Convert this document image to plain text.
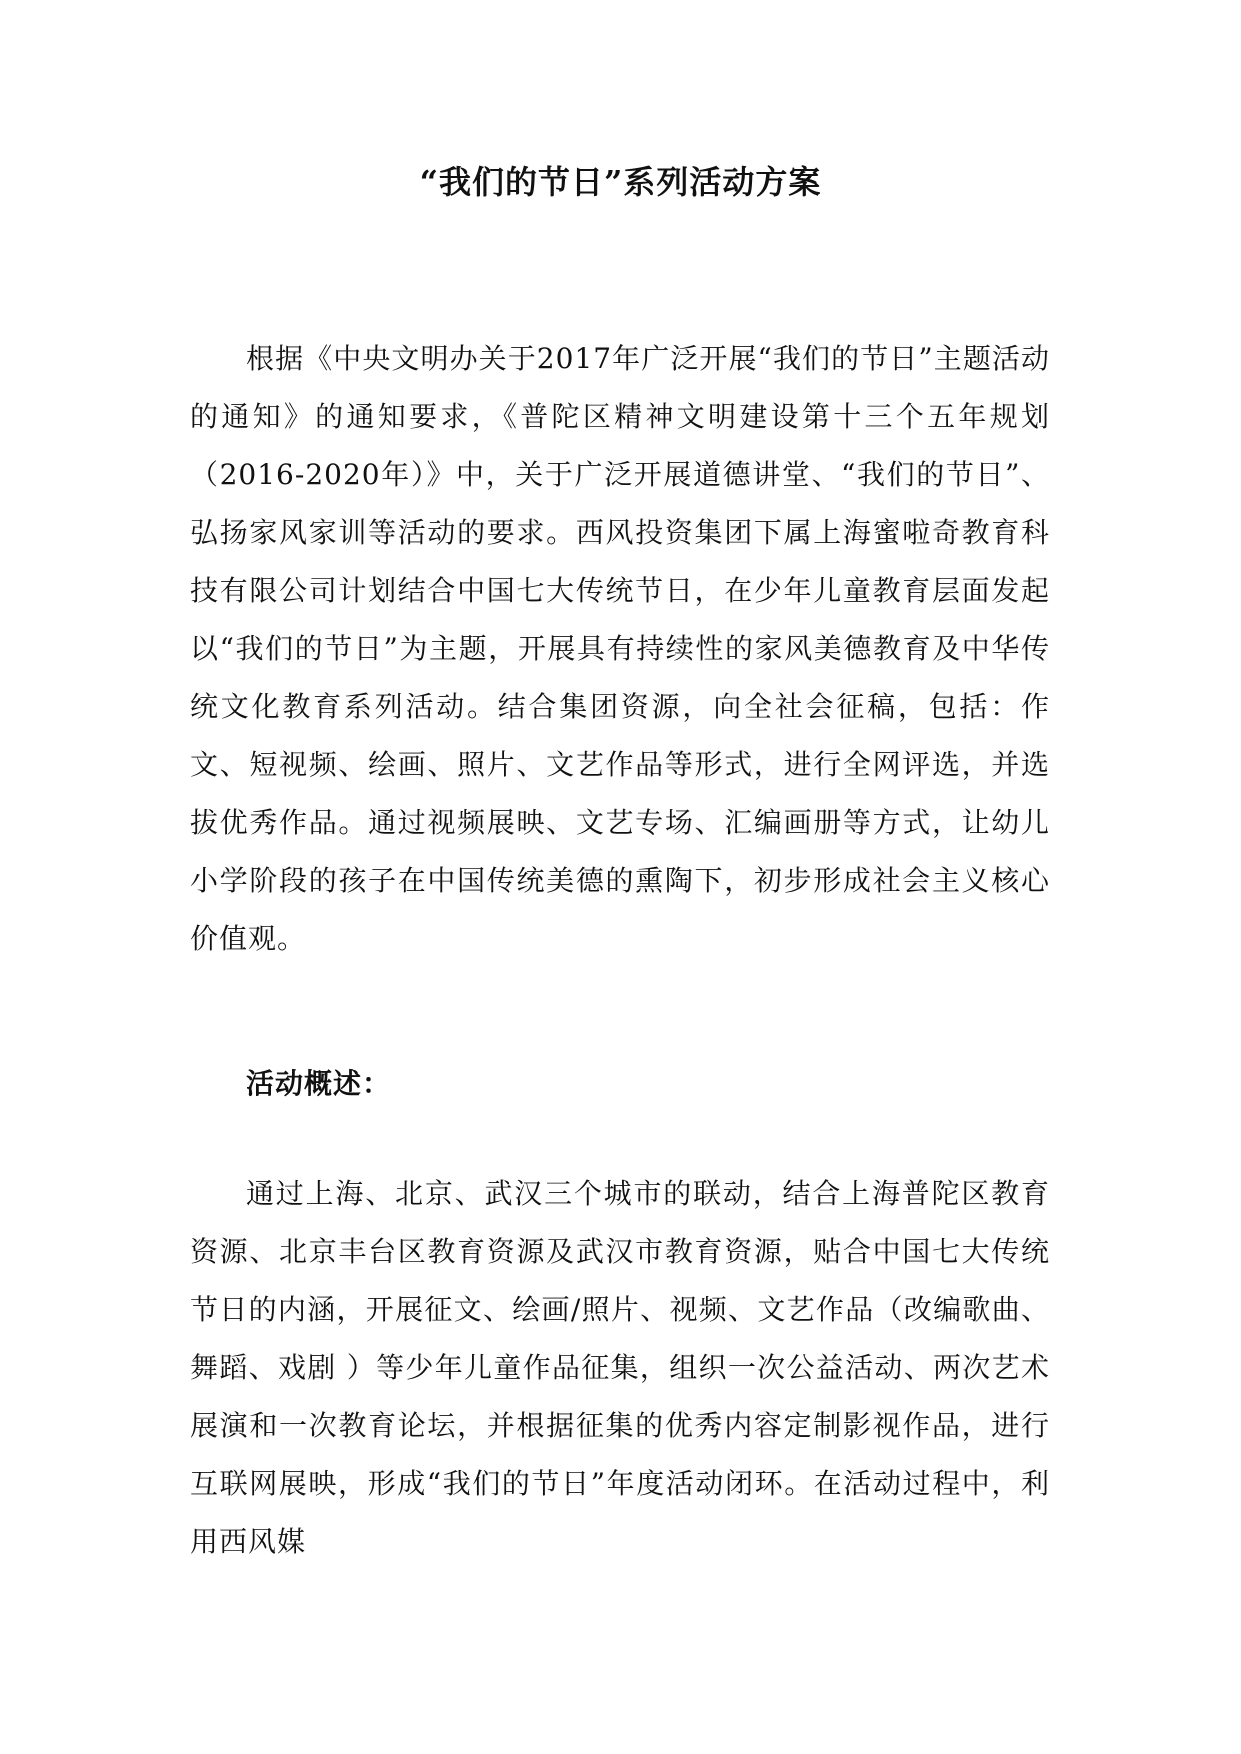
“我们的节日”系列活动方案
根据《中央文明办关于2017年广泛开展“我们的节日”主题活动的通知》的通知要求，《普陀区精神文明建设第十三个五年规划（2016-2020年）》中，关于广泛开展道德讲堂、“我们的节日”、弘扬家风家训等活动的要求。西风投资集团下属上海蜜啦奇教育科技有限公司计划结合中国七大传统节日，在少年儿童教育层面发起以“我们的节日”为主题，开展具有持续性的家风美德教育及中华传统文化教育系列活动。结合集团资源，向全社会征稿，包括：作文、短视频、绘画、照片、文艺作品等形式，进行全网评选，并选拔优秀作品。通过视频展映、文艺专场、汇编画册等方式，让幼儿小学阶段的孩子在中国传统美德的熏陶下，初步形成社会主义核心价值观。
活动概述：
通过上海、北京、武汉三个城市的联动，结合上海普陀区教育资源、北京丰台区教育资源及武汉市教育资源，贴合中国七大传统节日的内涵，开展征文、绘画/照片、视频、文艺作品（改编歌曲、舞蹈、戏剧 ）等少年儿童作品征集，组织一次公益活动、两次艺术展演和一次教育论坛，并根据征集的优秀内容定制影视作品，进行互联网展映，形成“我们的节日”年度活动闭环。在活动过程中，利用西风媒
